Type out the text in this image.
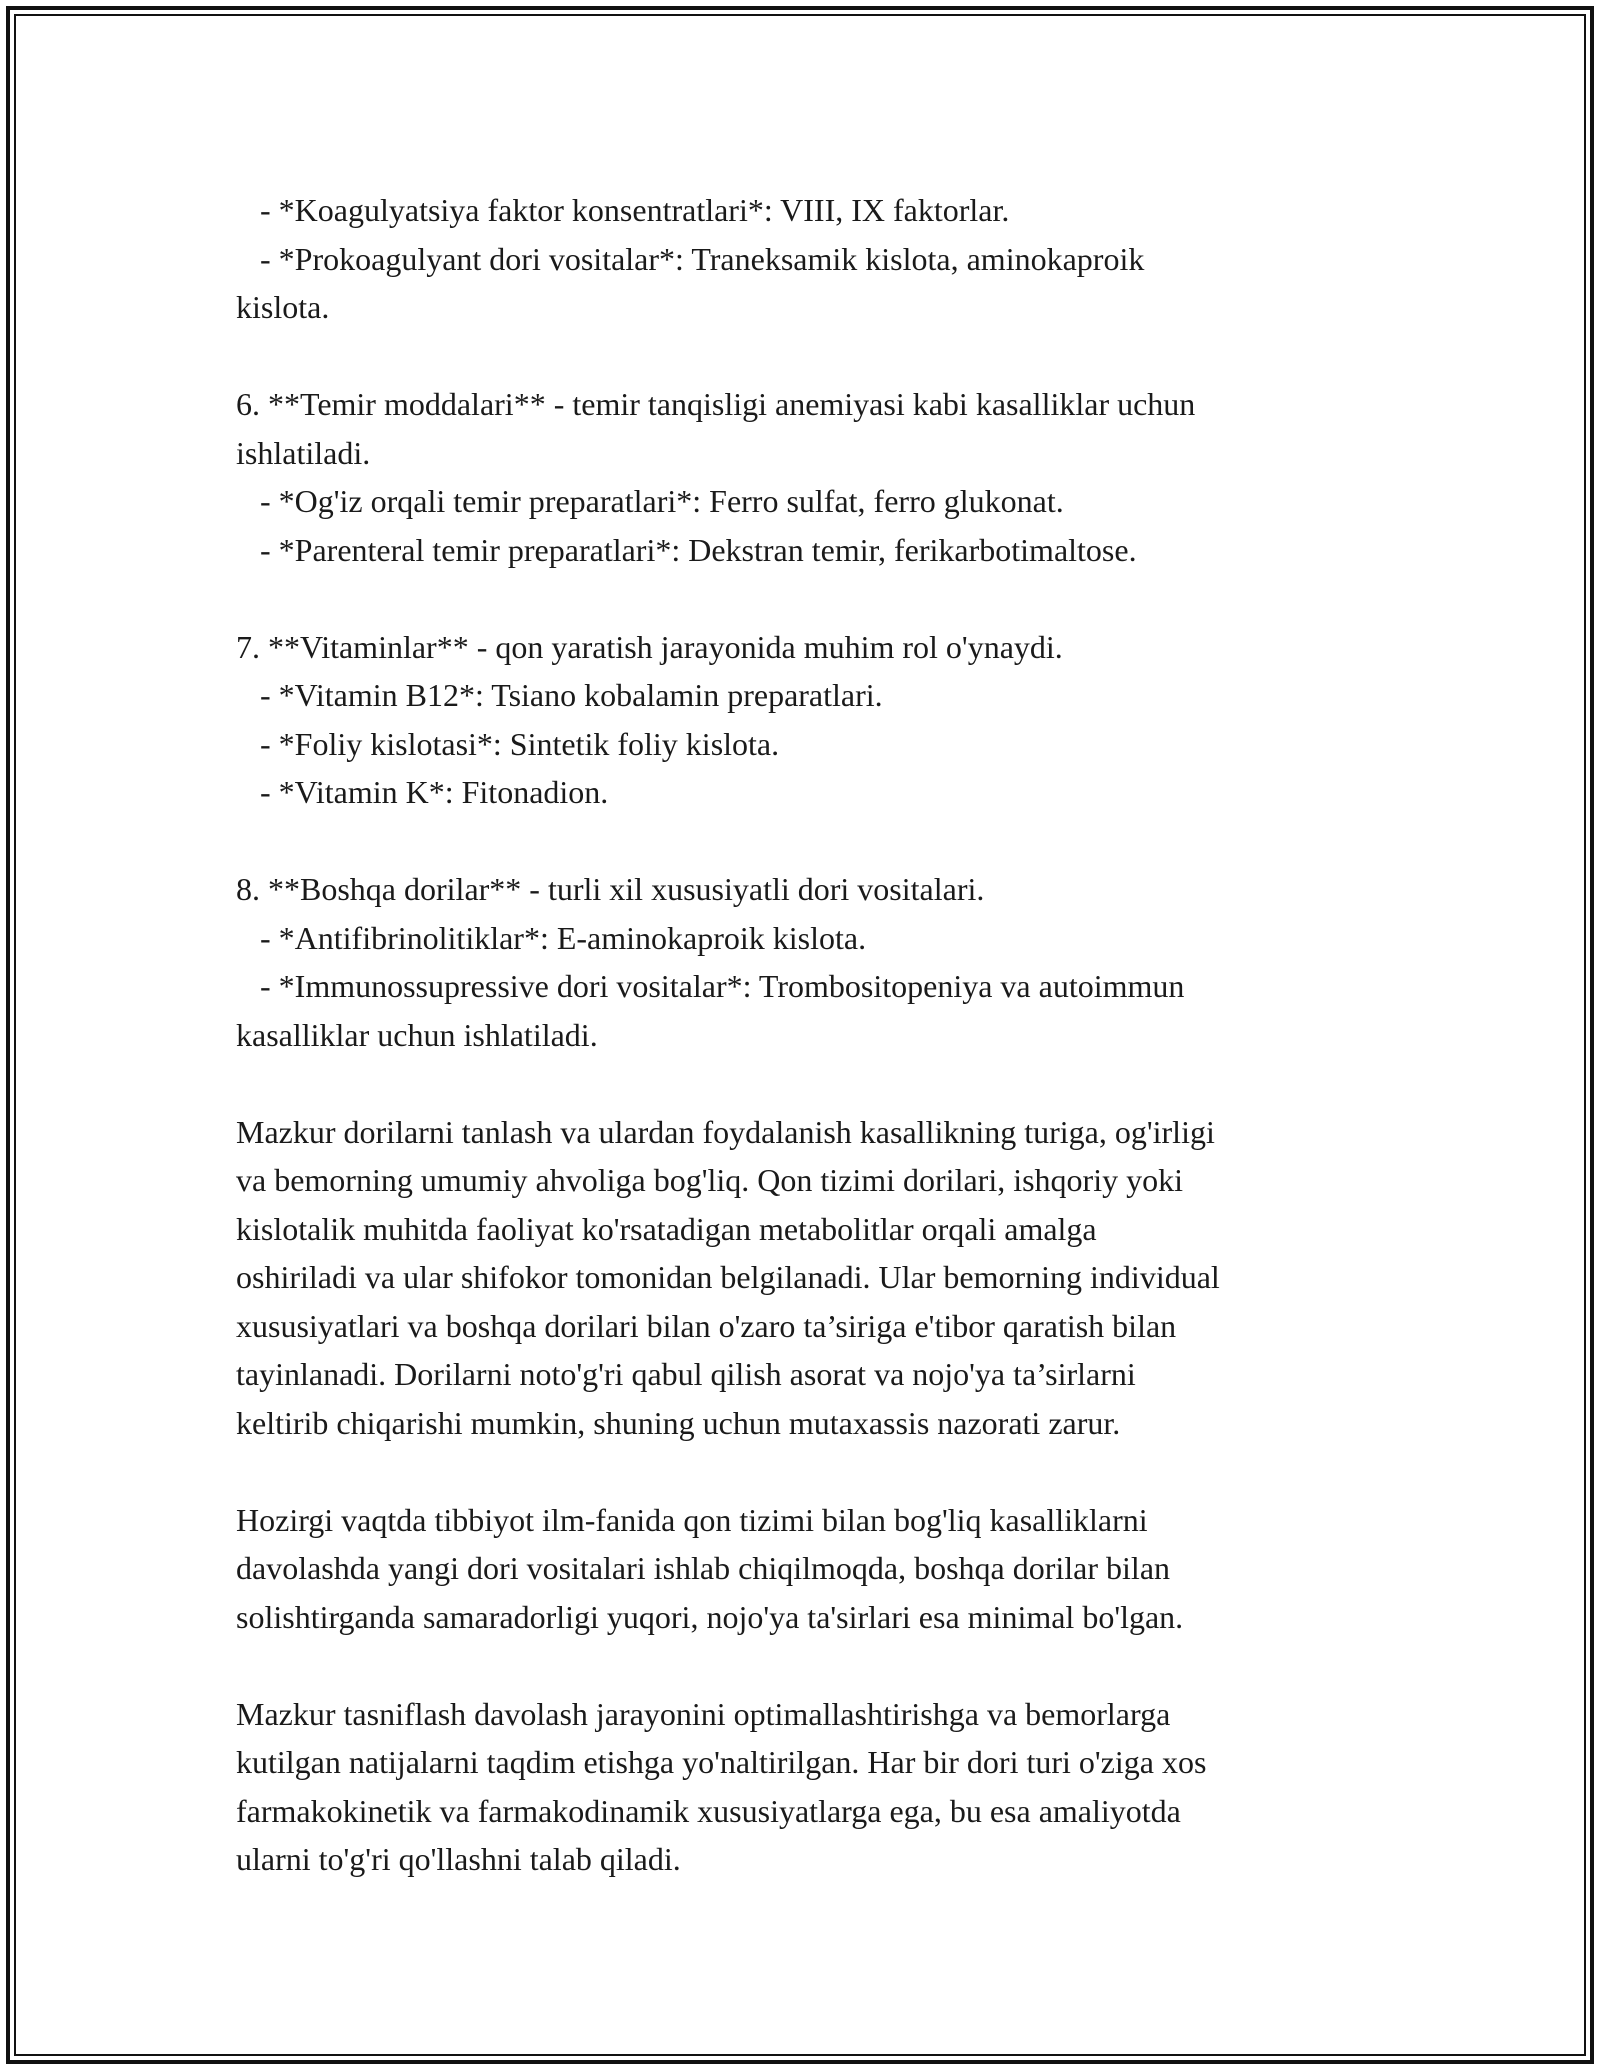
- *Koagulyatsiya faktor konsentratlari*: VIII, IX faktorlar.
- *Prokoagulyant dori vositalar*: Traneksamik kislota, aminokaproik
kislota.
6. **Temir moddalari** - temir tanqisligi anemiyasi kabi kasalliklar uchun
ishlatiladi.
- *Og'iz orqali temir preparatlari*: Ferro sulfat, ferro glukonat.
- *Parenteral temir preparatlari*: Dekstran temir, ferikarbotimaltose.
7. **Vitaminlar** - qon yaratish jarayonida muhim rol o'ynaydi.
- *Vitamin B12*: Tsiano kobalamin preparatlari.
- *Foliy kislotasi*: Sintetik foliy kislota.
- *Vitamin K*: Fitonadion.
8. **Boshqa dorilar** - turli xil xususiyatli dori vositalari.
- *Antifibrinolitiklar*: E-aminokaproik kislota.
- *Immunossupressive dori vositalar*: Trombositopeniya va autoimmun
kasalliklar uchun ishlatiladi.
Mazkur dorilarni tanlash va ulardan foydalanish kasallikning turiga, og'irligi
va bemorning umumiy ahvoliga bog'liq. Qon tizimi dorilari, ishqoriy yoki
kislotalik muhitda faoliyat ko'rsatadigan metabolitlar orqali amalga
oshiriladi va ular shifokor tomonidan belgilanadi. Ular bemorning individual
xususiyatlari va boshqa dorilari bilan o'zaro ta’siriga e'tibor qaratish bilan
tayinlanadi. Dorilarni noto'g'ri qabul qilish asorat va nojo'ya ta’sirlarni
keltirib chiqarishi mumkin, shuning uchun mutaxassis nazorati zarur.
Hozirgi vaqtda tibbiyot ilm-fanida qon tizimi bilan bog'liq kasalliklarni
davolashda yangi dori vositalari ishlab chiqilmoqda, boshqa dorilar bilan
solishtirganda samaradorligi yuqori, nojo'ya ta'sirlari esa minimal bo'lgan.
Mazkur tasniflash davolash jarayonini optimallashtirishga va bemorlarga
kutilgan natijalarni taqdim etishga yo'naltirilgan. Har bir dori turi o'ziga xos
farmakokinetik va farmakodinamik xususiyatlarga ega, bu esa amaliyotda
ularni to'g'ri qo'llashni talab qiladi.
